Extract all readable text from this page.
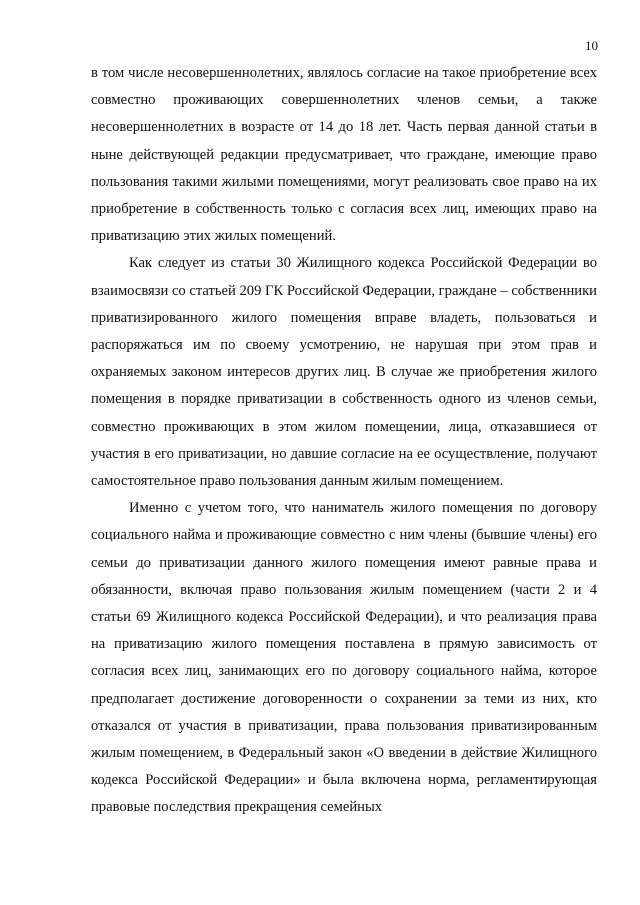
10

в том числе несовершеннолетних, являлось согласие на такое приобретение всех совместно проживающих совершеннолетних членов семьи, а также несовершеннолетних в возрасте от 14 до 18 лет. Часть первая данной статьи в ныне действующей редакции предусматривает, что граждане, имеющие право пользования такими жилыми помещениями, могут реализовать свое право на их приобретение в собственность только с согласия всех лиц, имеющих право на приватизацию этих жилых помещений.

Как следует из статьи 30 Жилищного кодекса Российской Федерации во взаимосвязи со статьей 209 ГК Российской Федерации, граждане – собственники приватизированного жилого помещения вправе владеть, пользоваться и распоряжаться им по своему усмотрению, не нарушая при этом прав и охраняемых законом интересов других лиц. В случае же приобретения жилого помещения в порядке приватизации в собственность одного из членов семьи, совместно проживающих в этом жилом помещении, лица, отказавшиеся от участия в его приватизации, но давшие согласие на ее осуществление, получают самостоятельное право пользования данным жилым помещением.

Именно с учетом того, что наниматель жилого помещения по договору социального найма и проживающие совместно с ним члены (бывшие члены) его семьи до приватизации данного жилого помещения имеют равные права и обязанности, включая право пользования жилым помещением (части 2 и 4 статьи 69 Жилищного кодекса Российской Федерации), и что реализация права на приватизацию жилого помещения поставлена в прямую зависимость от согласия всех лиц, занимающих его по договору социального найма, которое предполагает достижение договоренности о сохранении за теми из них, кто отказался от участия в приватизации, права пользования приватизированным жилым помещением, в Федеральный закон «О введении в действие Жилищного кодекса Российской Федерации» и была включена норма, регламентирующая правовые последствия прекращения семейных
